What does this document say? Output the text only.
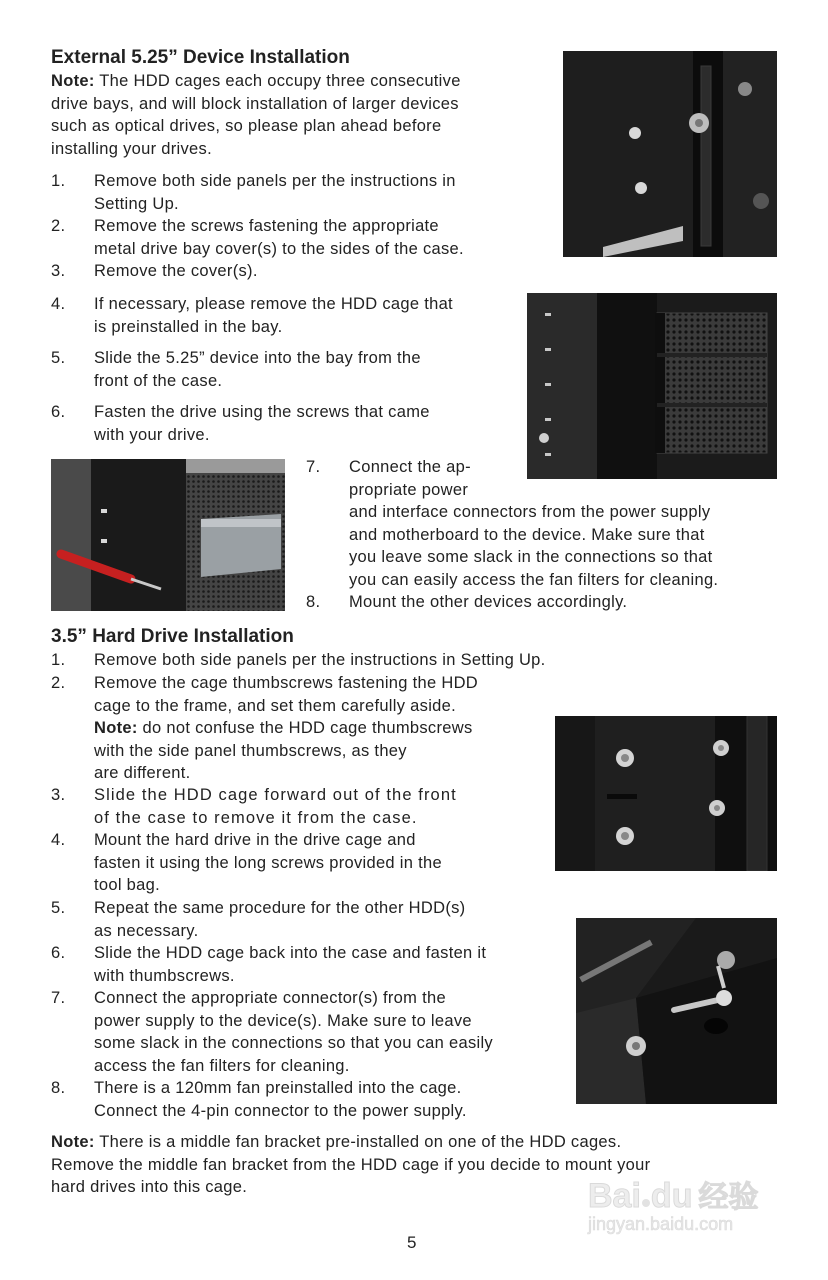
External 5.25” Device Installation
Note: The HDD cages each occupy three consecutive
drive bays, and will block installation of larger devices
such as optical drives, so please plan ahead before
installing your drives.
1. Remove both side panels per the instructions in
Setting Up.
2. Remove the screws fastening the appropriate
metal drive bay cover(s) to the sides of the case.
3. Remove the cover(s).
4. If necessary, please remove the HDD cage that
is preinstalled in the bay.
5. Slide the 5.25” device into the bay from the
front of the case.
6. Fasten the drive using the screws that came
with your drive.
7. Connect the ap-
propriate power
and interface connectors from the power supply
and motherboard to the device. Make sure that
you leave some slack in the connections so that
you can easily access the fan filters for cleaning.
8. Mount the other devices accordingly.
3.5” Hard Drive Installation
1. Remove both side panels per the instructions in Setting Up.
2. Remove the cage thumbscrews fastening the HDD
cage to the frame, and set them carefully aside.
Note: do not confuse the HDD cage thumbscrews
with the side panel thumbscrews, as they
are different.
3. Slide the HDD cage forward out of the front
of the case to remove it from the case.
4. Mount the hard drive in the drive cage and
fasten it using the long screws provided in the
tool bag.
5. Repeat the same procedure for the other HDD(s)
as necessary.
6. Slide the HDD cage back into the case and fasten it
with thumbscrews.
7. Connect the appropriate connector(s) from the
power supply to the device(s). Make sure to leave
some slack in the connections so that you can easily
access the fan filters for cleaning.
8. There is a 120mm fan preinstalled into the cage.
Connect the 4-pin connector to the power supply.
Note: There is a middle fan bracket pre-installed on one of the HDD cages.
Remove the middle fan bracket from the HDD cage if you decide to mount your
hard drives into this cage.
5
Bai du 经验
jingyan.baidu.com
